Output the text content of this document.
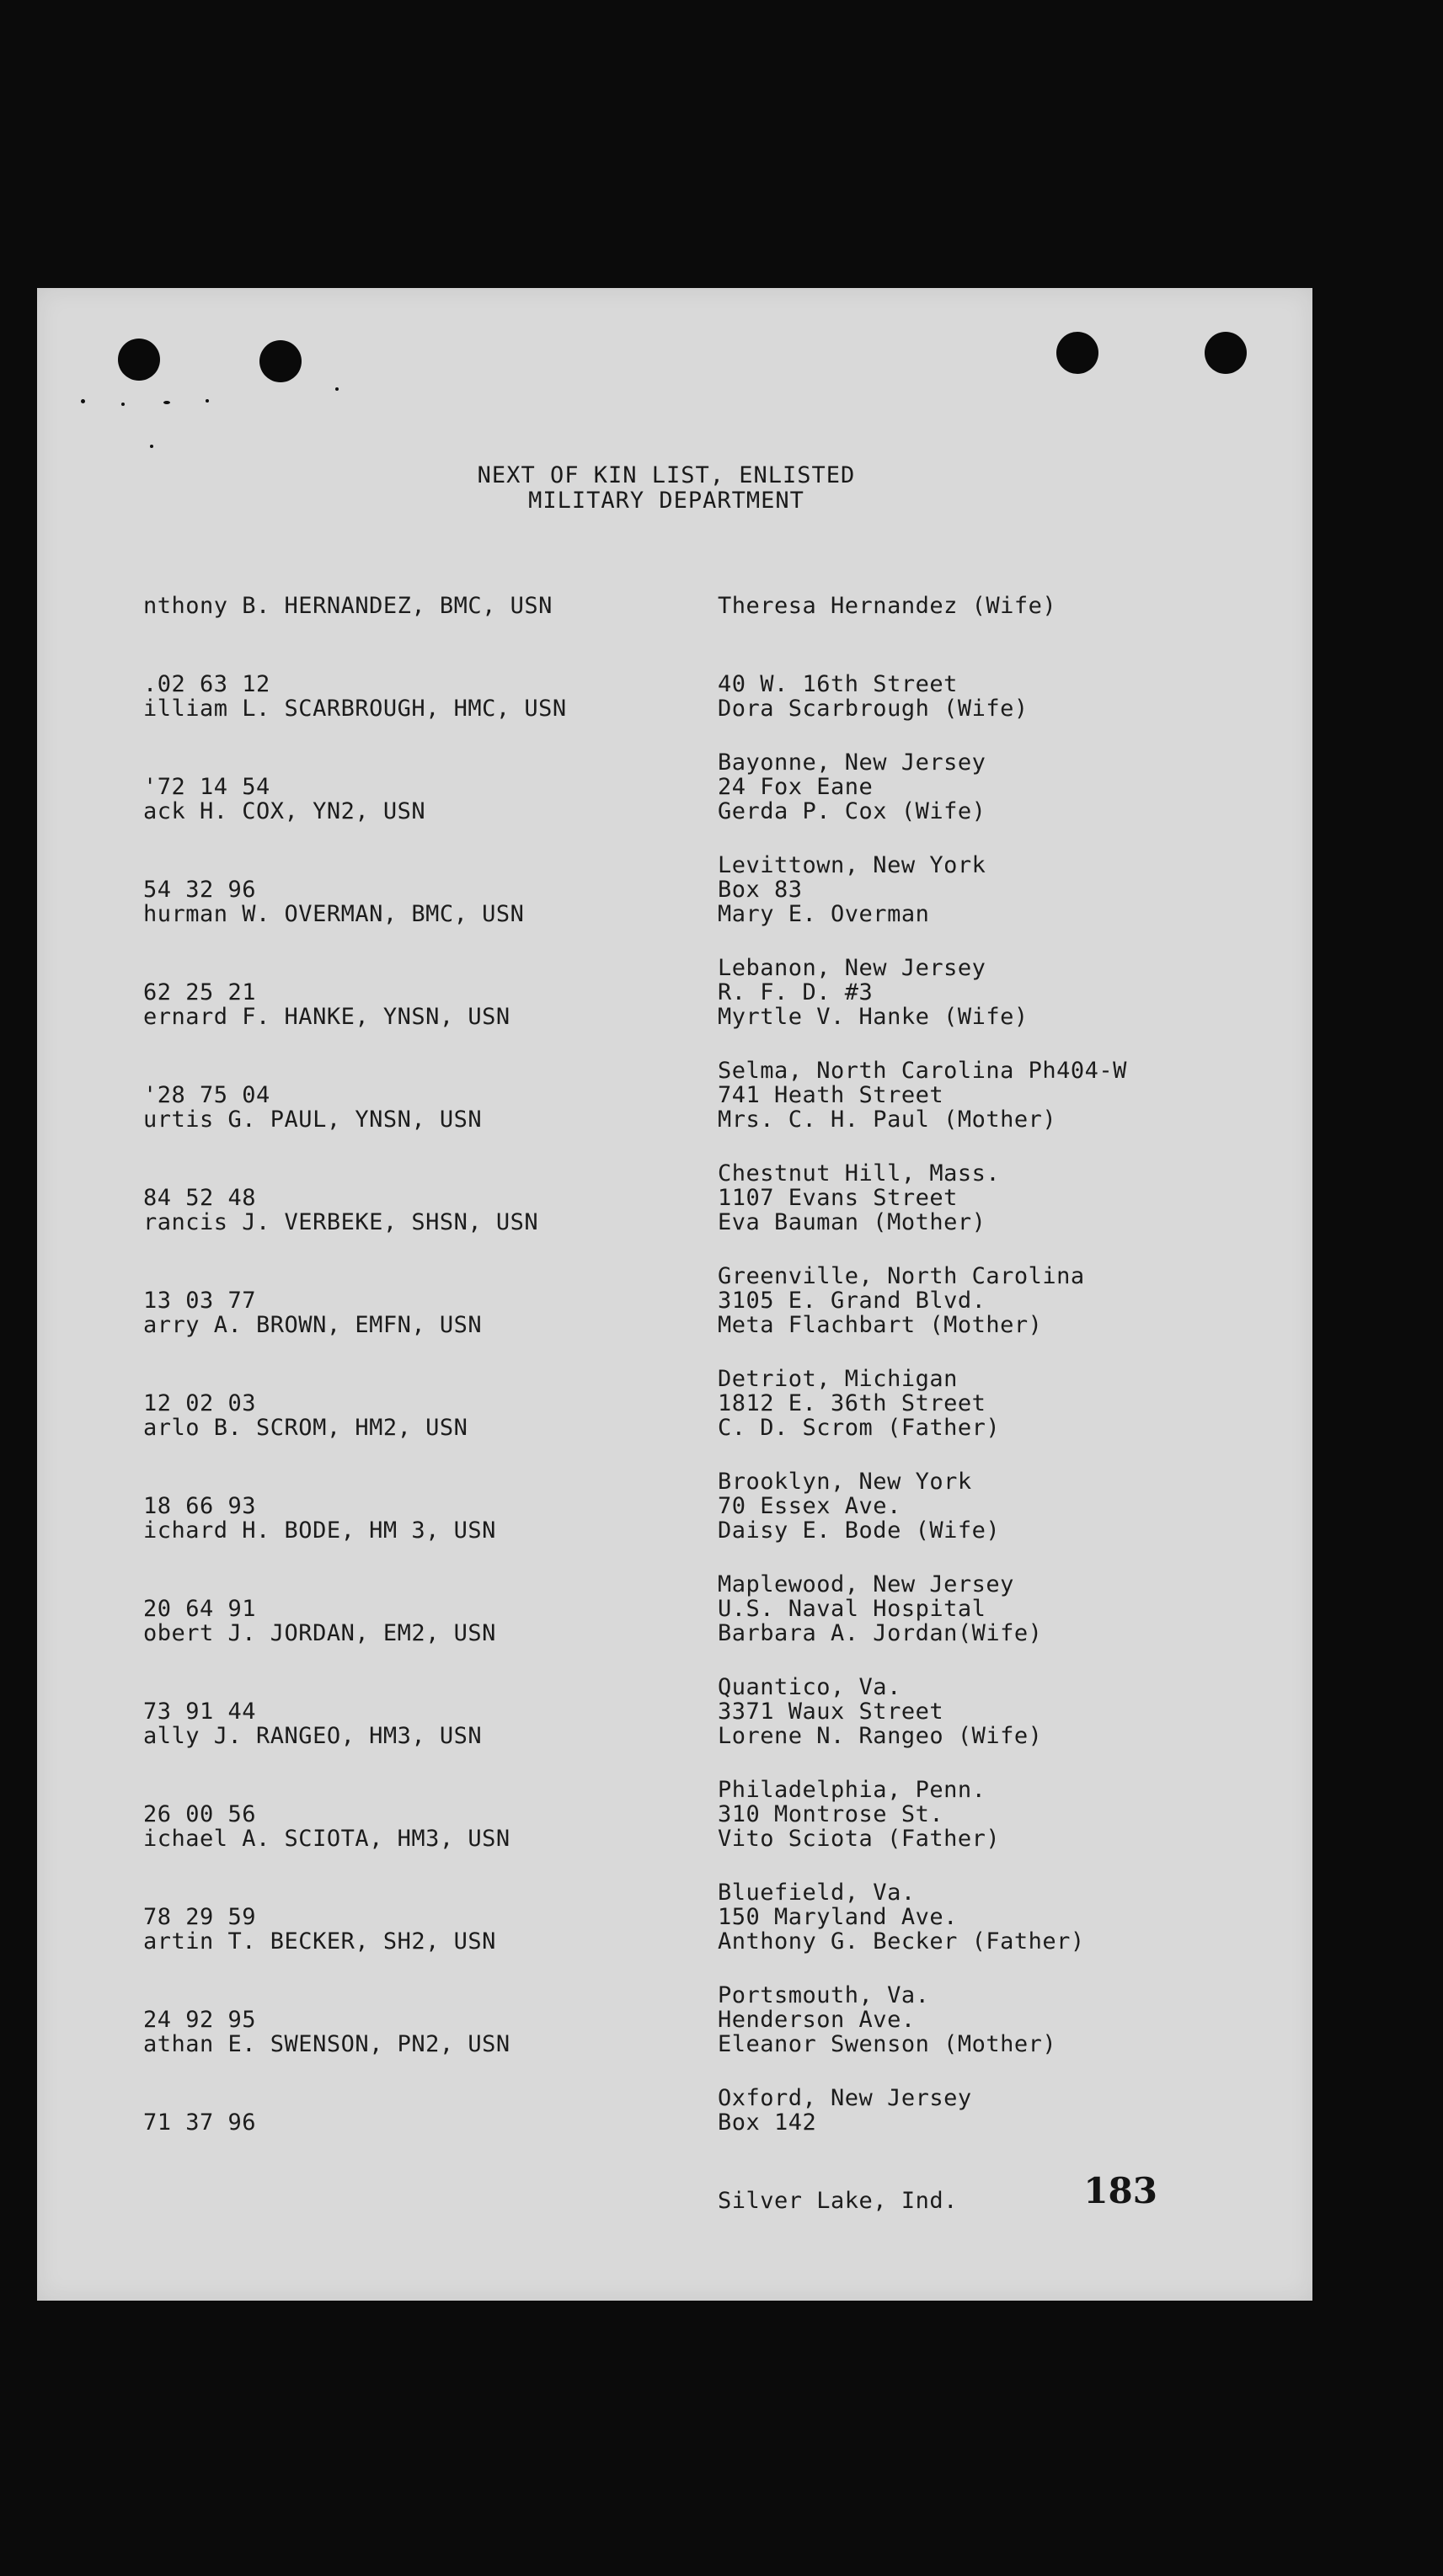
NEXT OF KIN LIST, ENLISTED
MILITARY DEPARTMENT

nthony B. HERNANDEZ, BMC, USN

.02 63 12

Theresa Hernandez (Wife)

40 W. 16th Street

Bayonne, New Jersey

illiam L. SCARBROUGH, HMC, USN

'72 14 54

Dora Scarbrough (Wife)

24 Fox Eane

Levittown, New York

ack H. COX, YN2, USN

54 32 96

Gerda P. Cox (Wife)

Box 83

Lebanon, New Jersey

hurman W. OVERMAN, BMC, USN

62 25 21

Mary E. Overman

R. F. D. #3

Selma, North Carolina Ph404-W

ernard F. HANKE, YNSN, USN

'28 75 04

Myrtle V. Hanke (Wife)

741 Heath Street

Chestnut Hill, Mass.

urtis G. PAUL, YNSN, USN

84 52 48

Mrs. C. H. Paul (Mother)

1107 Evans Street

Greenville, North Carolina

rancis J. VERBEKE, SHSN, USN

13 03 77

Eva Bauman (Mother)

3105 E. Grand Blvd.

Detriot, Michigan

arry A. BROWN, EMFN, USN

12 02 03

Meta Flachbart (Mother)

1812 E. 36th Street

Brooklyn, New York

arlo B. SCROM, HM2, USN

18 66 93

C. D. Scrom (Father)

70 Essex Ave.

Maplewood, New Jersey

ichard H. BODE, HM 3, USN

20 64 91

Daisy E. Bode (Wife)

U.S. Naval Hospital

Quantico, Va.

obert J. JORDAN, EM2, USN

73 91 44

Barbara A. Jordan(Wife)

3371 Waux Street

Philadelphia, Penn.

ally J. RANGEO, HM3, USN

26 00 56

Lorene N. Rangeo (Wife)

310 Montrose St.

Bluefield, Va.

ichael A. SCIOTA, HM3, USN

78 29 59

Vito Sciota (Father)

150 Maryland Ave.

Portsmouth, Va.

artin T. BECKER, SH2, USN

24 92 95

Anthony G. Becker (Father)

Henderson Ave.

Oxford, New Jersey

athan E. SWENSON, PN2, USN

71 37 96

Eleanor Swenson (Mother)

Box 142

Silver Lake, Ind.

	183
